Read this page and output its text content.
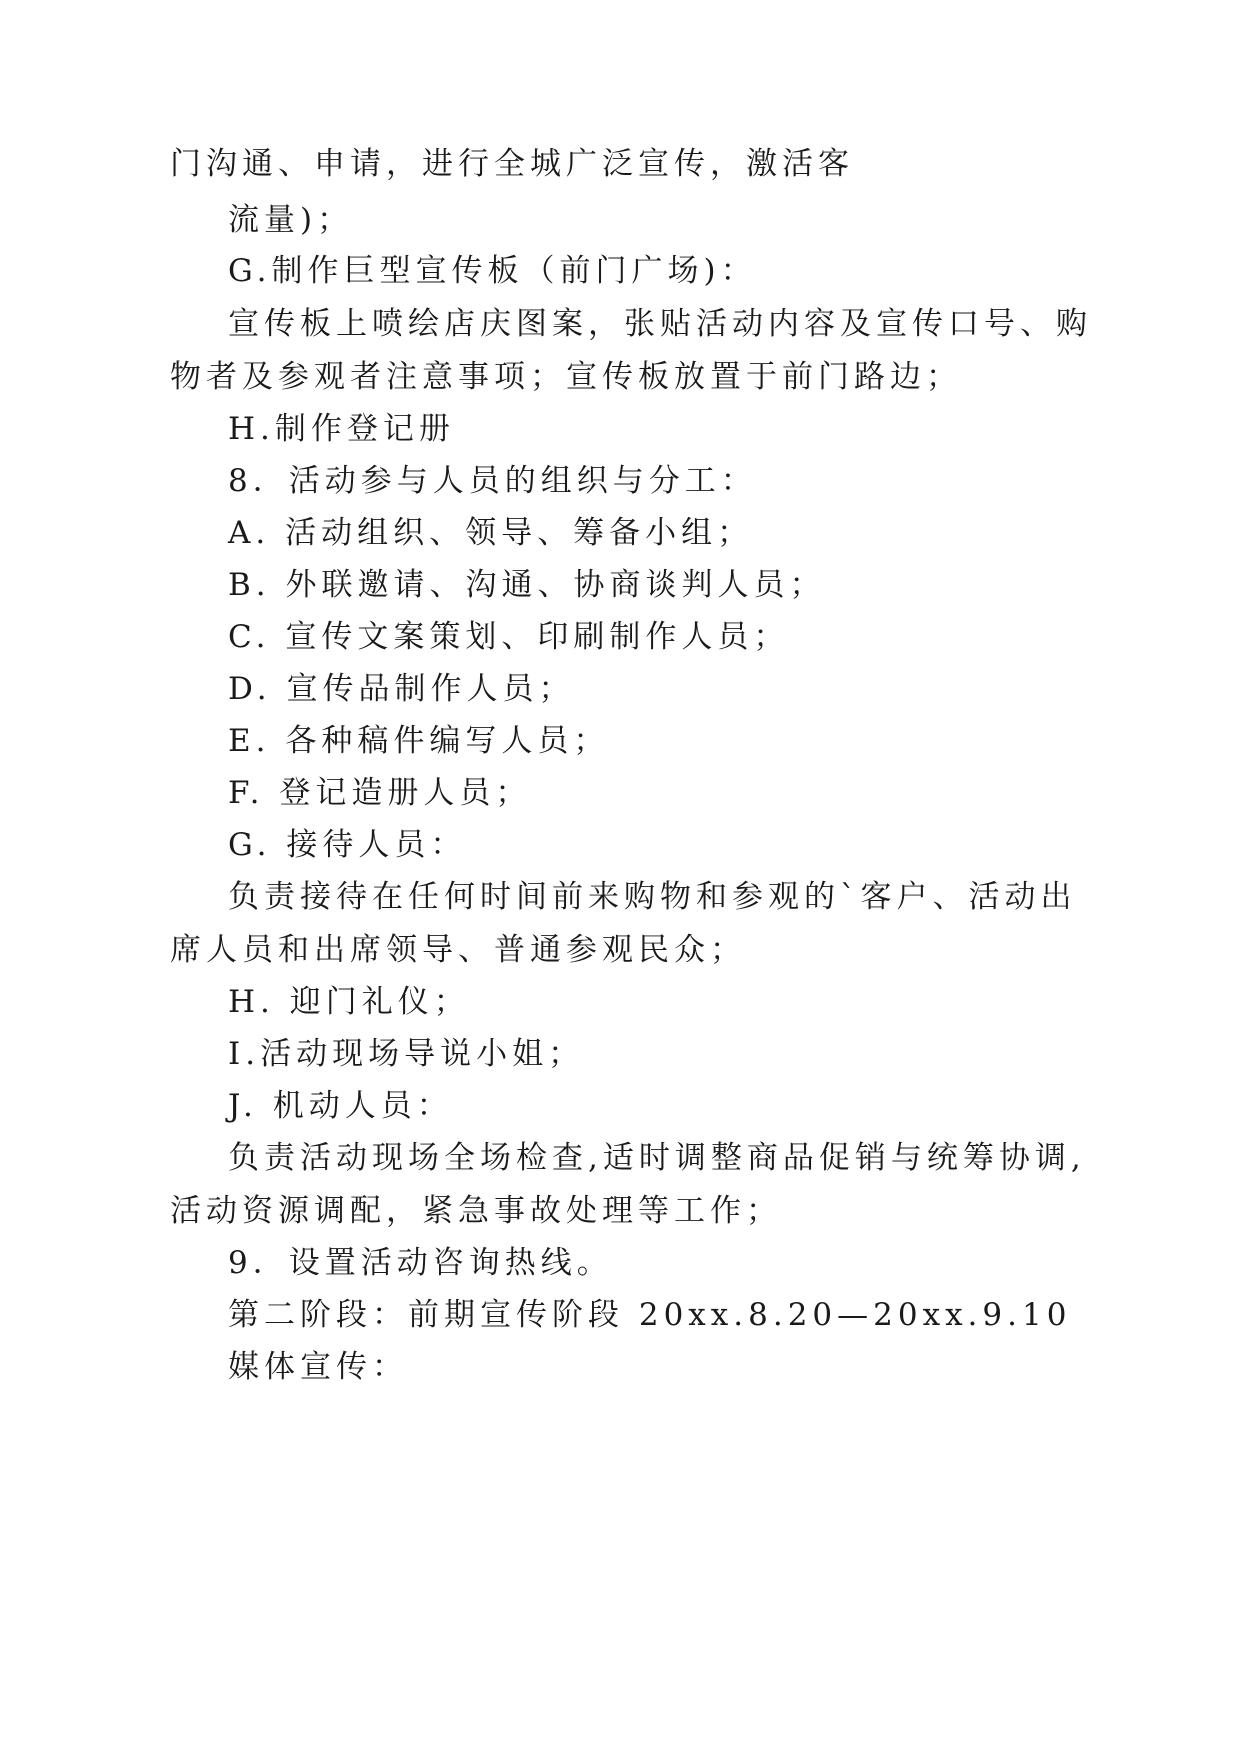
门沟通、申请，进行全城广泛宣传，激活客
流量)；
G.制作巨型宣传板（前门广场)：
宣传板上喷绘店庆图案，张贴活动内容及宣传口号、购
物者及参观者注意事项；宣传板放置于前门路边；
H.制作登记册
8．活动参与人员的组织与分工：
A. 活动组织、领导、筹备小组；
B. 外联邀请、沟通、协商谈判人员；
C. 宣传文案策划、印刷制作人员；
D. 宣传品制作人员；
E. 各种稿件编写人员；
F. 登记造册人员；
G. 接待人员：
负责接待在任何时间前来购物和参观的`客户、活动出
席人员和出席领导、普通参观民众；
H. 迎门礼仪；
I.活动现场导说小姐；
J. 机动人员：
负责活动现场全场检查,适时调整商品促销与统筹协调,
活动资源调配，紧急事故处理等工作；
9．设置活动咨询热线。
第二阶段：前期宣传阶段 20xx.8.20—20xx.9.10
媒体宣传：
